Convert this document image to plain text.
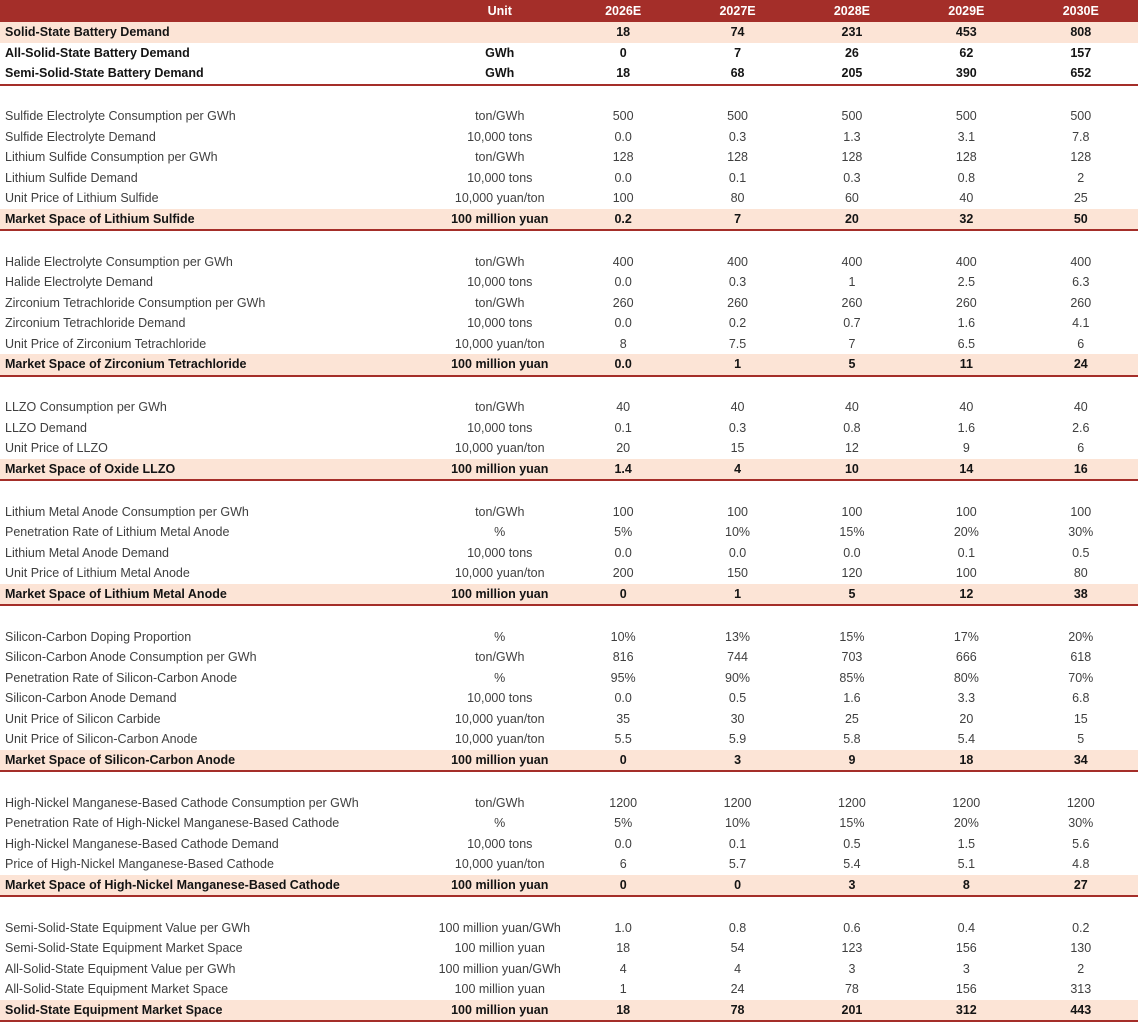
	Unit	2026E	2027E	2028E	2029E	2030E
Solid-State Battery Demand		18	74	231	453	808
All-Solid-State Battery Demand	GWh	0	7	26	62	157
Semi-Solid-State Battery Demand	GWh	18	68	205	390	652

Sulfide Electrolyte Consumption per GWh	ton/GWh	500	500	500	500	500
Sulfide Electrolyte Demand	10,000 tons	0.0	0.3	1.3	3.1	7.8
Lithium Sulfide Consumption per GWh	ton/GWh	128	128	128	128	128
Lithium Sulfide Demand	10,000 tons	0.0	0.1	0.3	0.8	2
Unit Price of Lithium Sulfide	10,000 yuan/ton	100	80	60	40	25
Market Space of Lithium Sulfide	100 million yuan	0.2	7	20	32	50

Halide Electrolyte Consumption per GWh	ton/GWh	400	400	400	400	400
Halide Electrolyte Demand	10,000 tons	0.0	0.3	1	2.5	6.3
Zirconium Tetrachloride Consumption per GWh	ton/GWh	260	260	260	260	260
Zirconium Tetrachloride Demand	10,000 tons	0.0	0.2	0.7	1.6	4.1
Unit Price of Zirconium Tetrachloride	10,000 yuan/ton	8	7.5	7	6.5	6
Market Space of Zirconium Tetrachloride	100 million yuan	0.0	1	5	11	24

LLZO Consumption per GWh	ton/GWh	40	40	40	40	40
LLZO Demand	10,000 tons	0.1	0.3	0.8	1.6	2.6
Unit Price of LLZO	10,000 yuan/ton	20	15	12	9	6
Market Space of Oxide LLZO	100 million yuan	1.4	4	10	14	16

Lithium Metal Anode Consumption per GWh	ton/GWh	100	100	100	100	100
Penetration Rate of Lithium Metal Anode	%	5%	10%	15%	20%	30%
Lithium Metal Anode Demand	10,000 tons	0.0	0.0	0.0	0.1	0.5
Unit Price of Lithium Metal Anode	10,000 yuan/ton	200	150	120	100	80
Market Space of Lithium Metal Anode	100 million yuan	0	1	5	12	38

Silicon-Carbon Doping Proportion	%	10%	13%	15%	17%	20%
Silicon-Carbon Anode Consumption per GWh	ton/GWh	816	744	703	666	618
Penetration Rate of Silicon-Carbon Anode	%	95%	90%	85%	80%	70%
Silicon-Carbon Anode Demand	10,000 tons	0.0	0.5	1.6	3.3	6.8
Unit Price of Silicon Carbide	10,000 yuan/ton	35	30	25	20	15
Unit Price of Silicon-Carbon Anode	10,000 yuan/ton	5.5	5.9	5.8	5.4	5
Market Space of Silicon-Carbon Anode	100 million yuan	0	3	9	18	34

High-Nickel Manganese-Based Cathode Consumption per GWh	ton/GWh	1200	1200	1200	1200	1200
Penetration Rate of High-Nickel Manganese-Based Cathode	%	5%	10%	15%	20%	30%
High-Nickel Manganese-Based Cathode Demand	10,000 tons	0.0	0.1	0.5	1.5	5.6
Price of High-Nickel Manganese-Based Cathode	10,000 yuan/ton	6	5.7	5.4	5.1	4.8
Market Space of High-Nickel Manganese-Based Cathode	100 million yuan	0	0	3	8	27

Semi-Solid-State Equipment Value per GWh	100 million yuan/GWh	1.0	0.8	0.6	0.4	0.2
Semi-Solid-State Equipment Market Space	100 million yuan	18	54	123	156	130
All-Solid-State Equipment Value per GWh	100 million yuan/GWh	4	4	3	3	2
All-Solid-State Equipment Market Space	100 million yuan	1	24	78	156	313
Solid-State Equipment Market Space	100 million yuan	18	78	201	312	443
